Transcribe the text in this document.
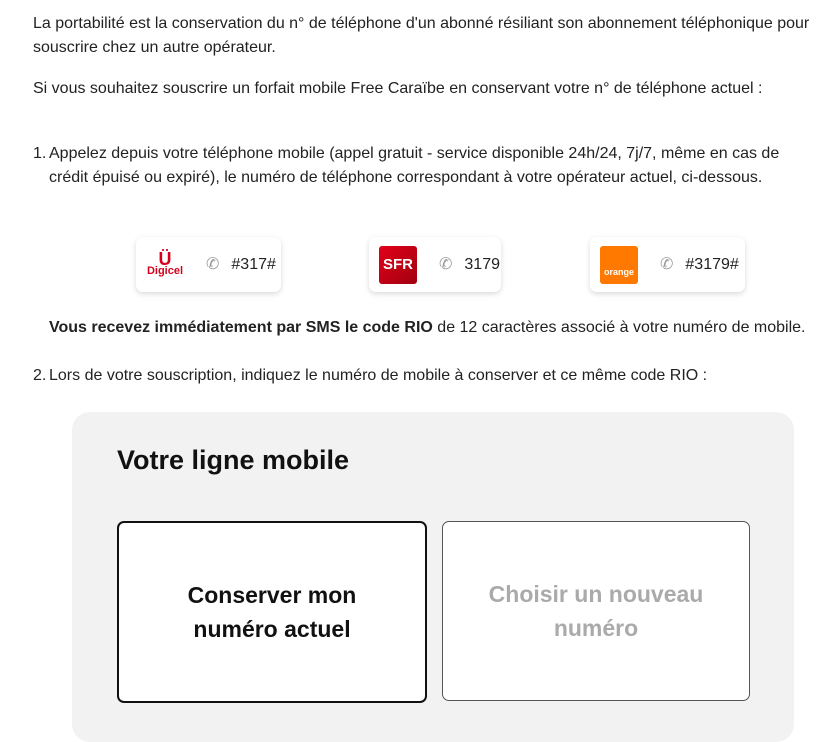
La portabilité est la conservation du n° de téléphone d'un abonné résiliant son abonnement téléphonique pour souscrire chez un autre opérateur.

Si vous souhaitez souscrire un forfait mobile Free Caraïbe en conservant votre n° de téléphone actuel :

1. Appelez depuis votre téléphone mobile (appel gratuit - service disponible 24h/24, 7j/7, même en cas de crédit épuisé ou expiré), le numéro de téléphone correspondant à votre opérateur actuel, ci-dessous.
Ü
Digicel ✆ #317#	SFR ✆ 3179	orange ✆ #3179#

Vous recevez immédiatement par SMS le code RIO de 12 caractères associé à votre numéro de mobile.

2. Lors de votre souscription, indiquez le numéro de mobile à conserver et ce même code RIO :
Votre ligne mobile
Conserver mon numéro actuel
Choisir un nouveau numéro
